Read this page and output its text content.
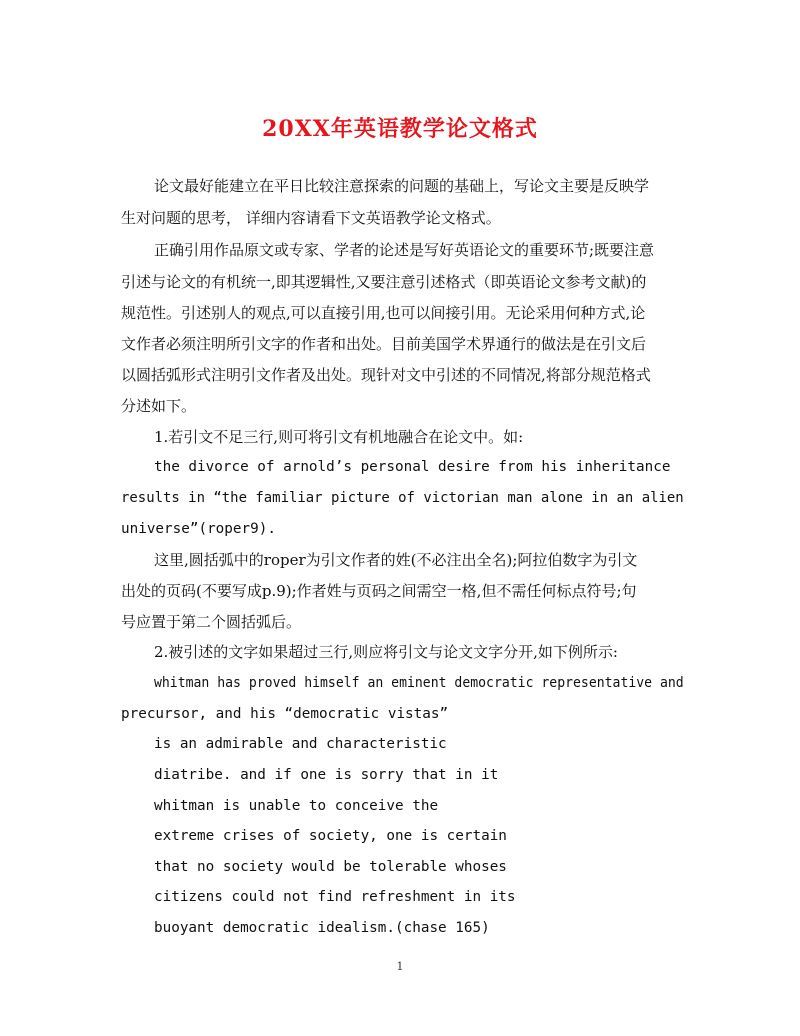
20XX年英语教学论文格式
论文最好能建立在平日比较注意探索的问题的基础上，写论文主要是反映学
生对问题的思考， 详细内容请看下文英语教学论文格式。
正确引用作品原文或专家、学者的论述是写好英语论文的重要环节;既要注意
引述与论文的有机统一,即其逻辑性,又要注意引述格式（即英语论文参考文献)的
规范性。引述别人的观点,可以直接引用,也可以间接引用。无论采用何种方式,论
文作者必须注明所引文字的作者和出处。目前美国学术界通行的做法是在引文后
以圆括弧形式注明引文作者及出处。现针对文中引述的不同情况,将部分规范格式
分述如下。
1.若引文不足三行,则可将引文有机地融合在论文中。如:
the divorce of arnold’s personal desire from his inheritance
results in “the familiar picture of victorian man alone in an alien
universe”(roper9).
这里,圆括弧中的roper为引文作者的姓(不必注出全名);阿拉伯数字为引文
出处的页码(不要写成p.9);作者姓与页码之间需空一格,但不需任何标点符号;句
号应置于第二个圆括弧后。
2.被引述的文字如果超过三行,则应将引文与论文文字分开,如下例所示:
whitman has proved himself an eminent democratic representative and
precursor, and his “democratic vistas”
is an admirable and characteristic
diatribe. and if one is sorry that in it
whitman is unable to conceive the
extreme crises of society, one is certain
that no society would be tolerable whoses
citizens could not find refreshment in its
buoyant democratic idealism.(chase 165)
1
